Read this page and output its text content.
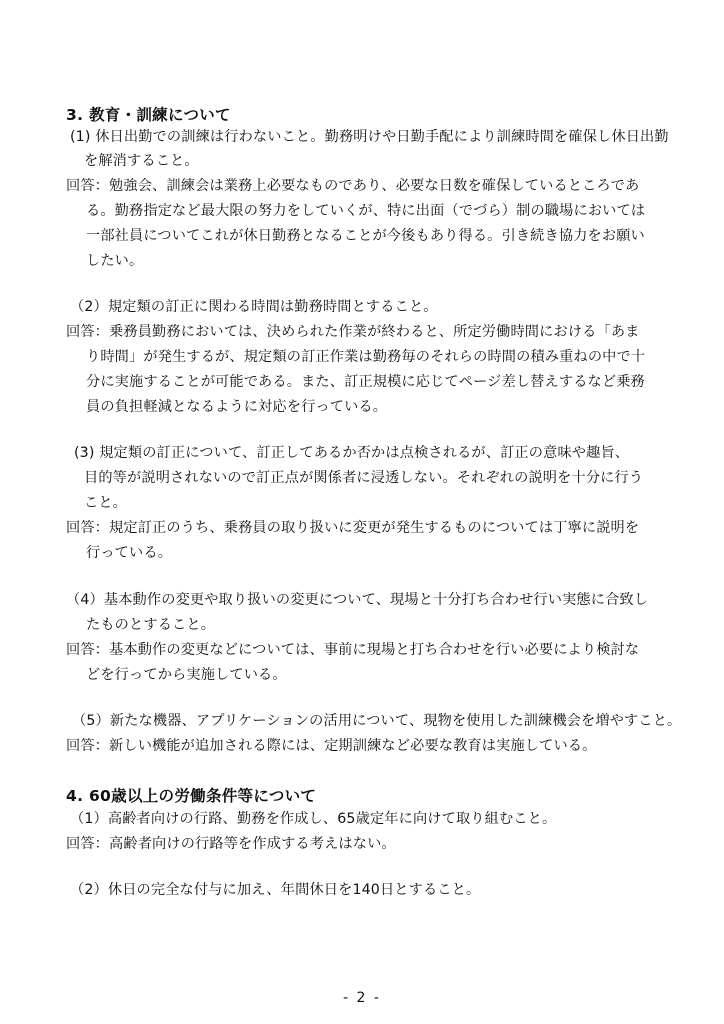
3. 教育・訓練について
(1) 休日出勤での訓練は行わないこと。勤務明けや日勤手配により訓練時間を確保し休日出勤
を解消すること。
回答：勉強会、訓練会は業務上必要なものであり、必要な日数を確保しているところであ
る。勤務指定など最大限の努力をしていくが、特に出面（でづら）制の職場においては
一部社員についてこれが休日勤務となることが今後もあり得る。引き続き協力をお願い
したい。
（2）規定類の訂正に関わる時間は勤務時間とすること。
回答：乗務員勤務においては、決められた作業が終わると、所定労働時間における「あま
り時間」が発生するが、規定類の訂正作業は勤務毎のそれらの時間の積み重ねの中で十
分に実施することが可能である。また、訂正規模に応じてページ差し替えするなど乗務
員の負担軽減となるように対応を行っている。
(3) 規定類の訂正について、訂正してあるか否かは点検されるが、訂正の意味や趣旨、
目的等が説明されないので訂正点が関係者に浸透しない。それぞれの説明を十分に行う
こと。
回答：規定訂正のうち、乗務員の取り扱いに変更が発生するものについては丁寧に説明を
行っている。
（4）基本動作の変更や取り扱いの変更について、現場と十分打ち合わせ行い実態に合致し
たものとすること。
回答：基本動作の変更などについては、事前に現場と打ち合わせを行い必要により検討な
どを行ってから実施している。
（5）新たな機器、アプリケーションの活用について、現物を使用した訓練機会を増やすこと。
回答：新しい機能が追加される際には、定期訓練など必要な教育は実施している。
4. 60歳以上の労働条件等について
（1）高齢者向けの行路、勤務を作成し、65歳定年に向けて取り組むこと。
回答：高齢者向けの行路等を作成する考えはない。
（2）休日の完全な付与に加え、年間休日を140日とすること。
- 2 -
